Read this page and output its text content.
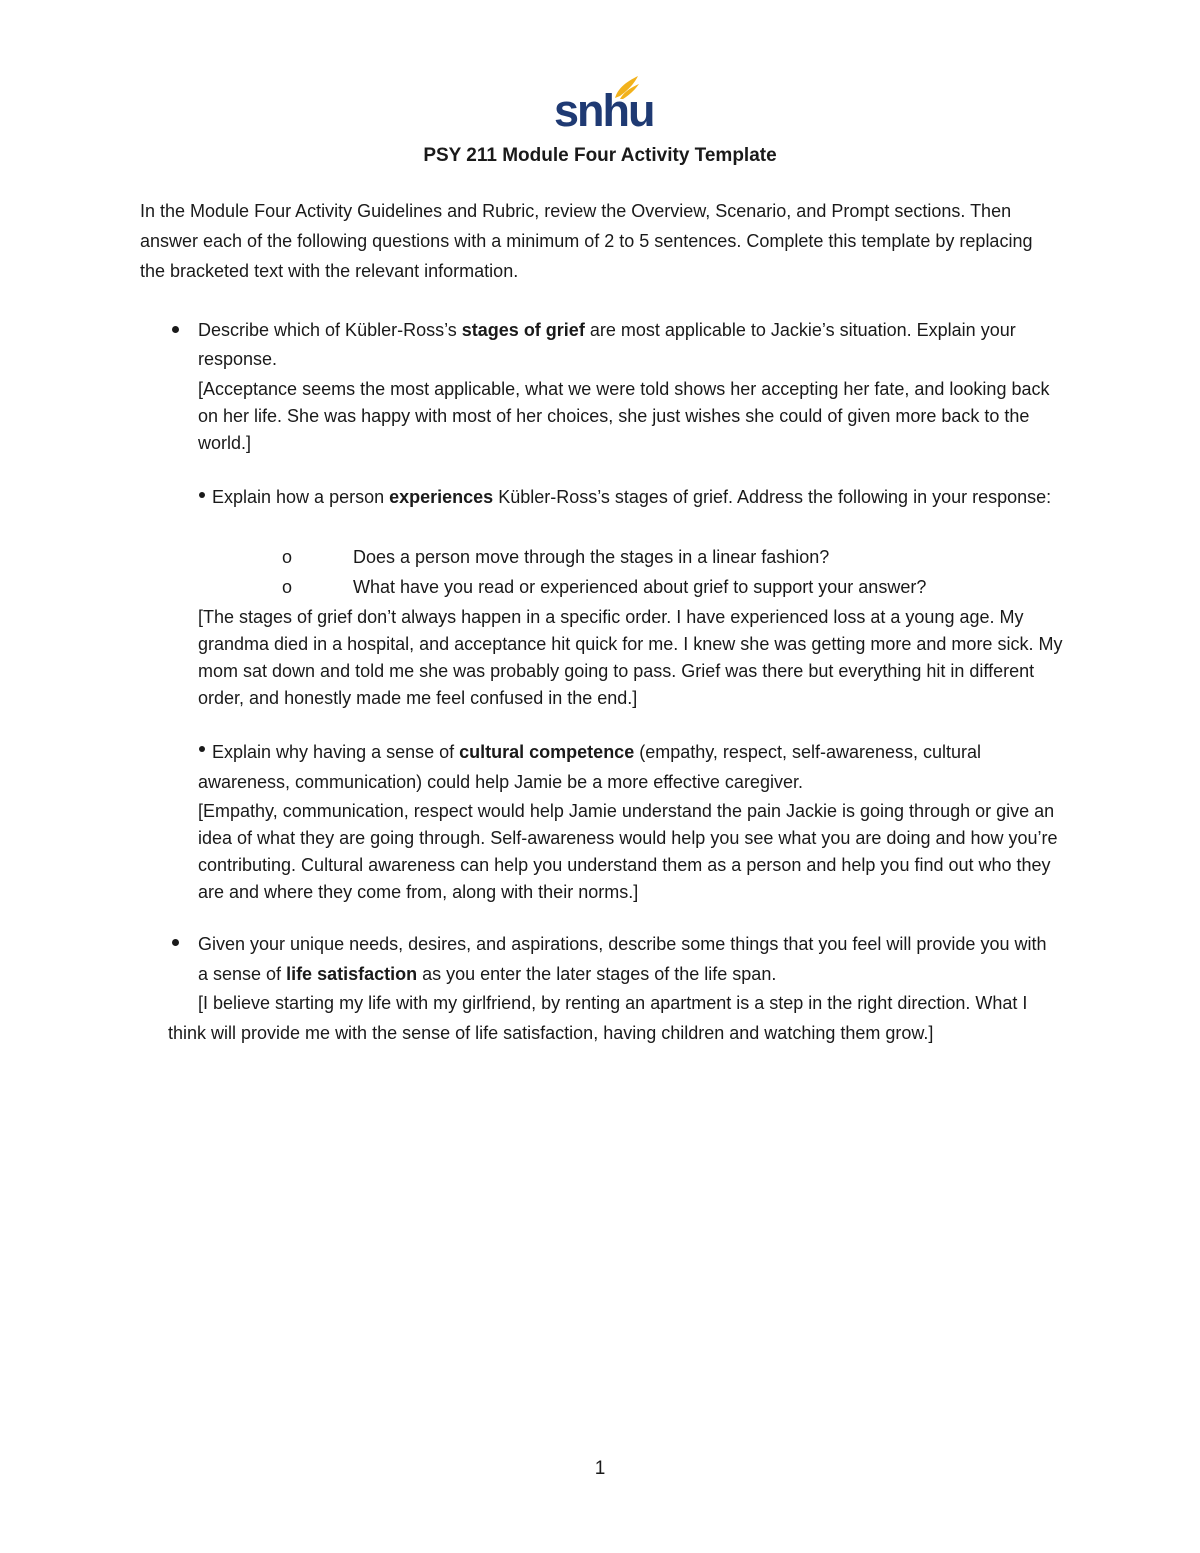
snhu
PSY 211 Module Four Activity Template

In the Module Four Activity Guidelines and Rubric, review the Overview, Scenario, and Prompt sections. Then answer each of the following questions with a minimum of 2 to 5 sentences. Complete this template by replacing the bracketed text with the relevant information.

Describe which of Kübler-Ross’s stages of grief are most applicable to Jackie’s situation. Explain your response.
[Acceptance seems the most applicable, what we were told shows her accepting her fate, and looking back on her life. She was happy with most of her choices, she just wishes she could of given more back to the world.]
Explain how a person experiences Kübler-Ross’s stages of grief. Address the following in your response:
o	Does a person move through the stages in a linear fashion?
o	What have you read or experienced about grief to support your answer?
[The stages of grief don’t always happen in a specific order. I have experienced loss at a young age. My grandma died in a hospital, and acceptance hit quick for me. I knew she was getting more and more sick. My mom sat down and told me she was probably going to pass. Grief was there but everything hit in different order, and honestly made me feel confused in the end.]
Explain why having a sense of cultural competence (empathy, respect, self-awareness, cultural awareness, communication) could help Jamie be a more effective caregiver.
[Empathy, communication, respect would help Jamie understand the pain Jackie is going through or give an idea of what they are going through. Self-awareness would help you see what you are doing and how you’re contributing. Cultural awareness can help you understand them as a person and help you find out who they are and where they come from, along with their norms.]
Given your unique needs, desires, and aspirations, describe some things that you feel will provide you with a sense of life satisfaction as you enter the later stages of the life span.
[I believe starting my life with my girlfriend, by renting an apartment is a step in the right direction. What I think will provide me with the sense of life satisfaction, having children and watching them grow.]
1
